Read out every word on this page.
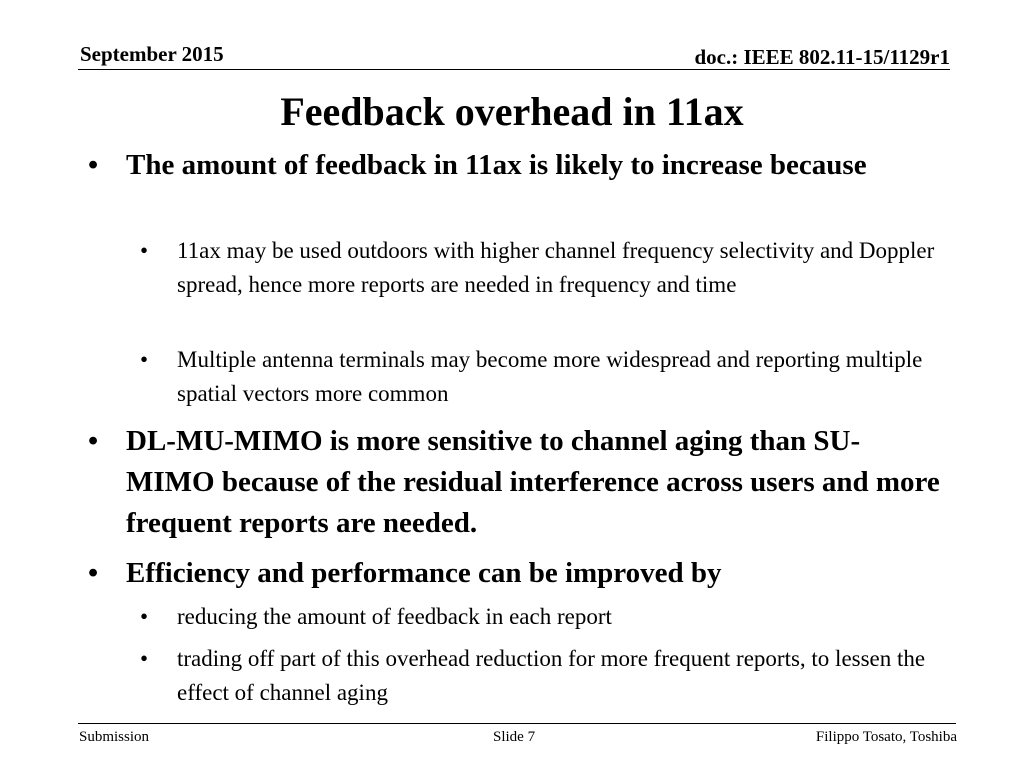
September 2015	doc.: IEEE 802.11-15/1129r1
Feedback overhead in 11ax
• The amount of feedback in 11ax is likely to increase because
• 11ax may be used outdoors with higher channel frequency selectivity and Doppler spread, hence more reports are needed in frequency and time
• Multiple antenna terminals may become more widespread and reporting multiple spatial vectors more common
• DL-MU-MIMO is more sensitive to channel aging than SU-MIMO because of the residual interference across users and more frequent reports are needed.
• Efficiency and performance can be improved by
• reducing the amount of feedback in each report
• trading off part of this overhead reduction for more frequent reports, to lessen the effect of channel aging
Submission	Slide 7	Filippo Tosato, Toshiba
